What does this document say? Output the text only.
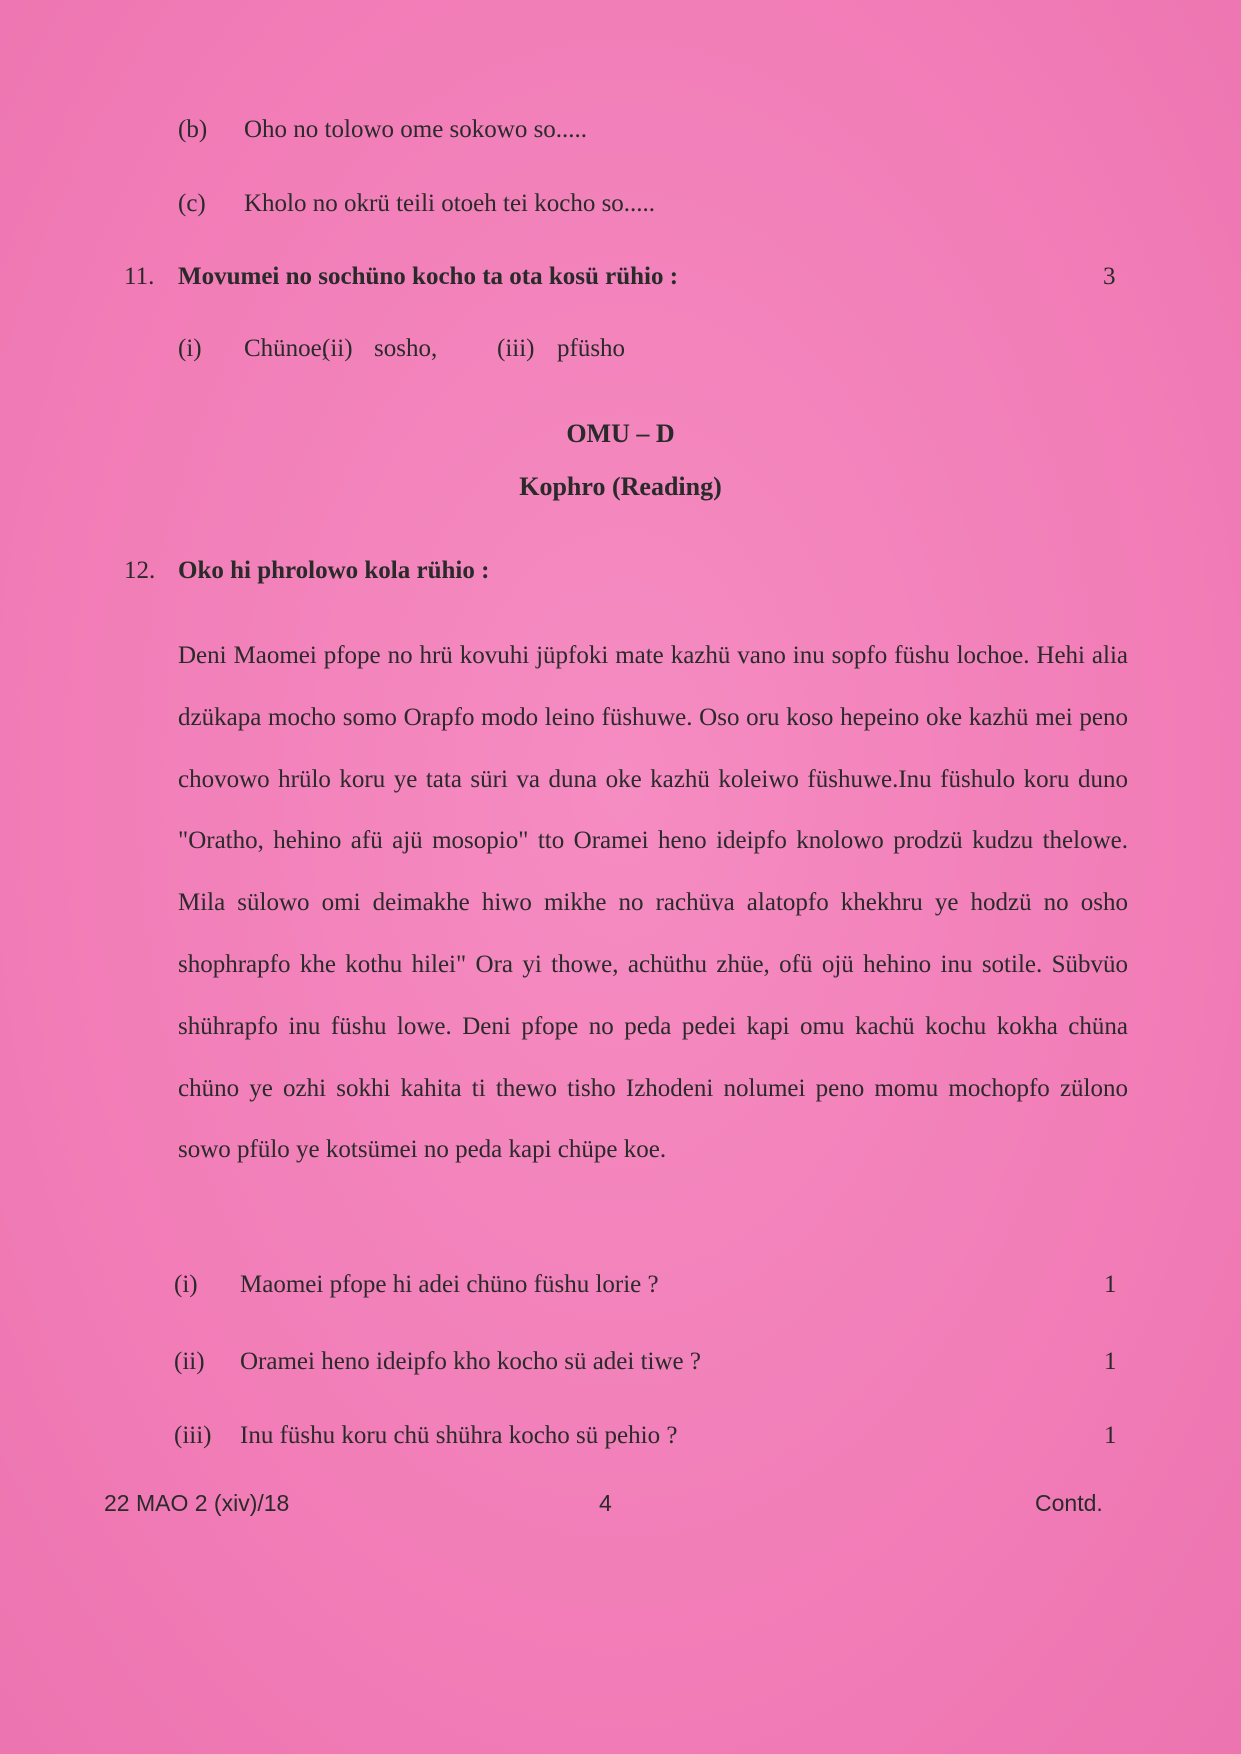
(b) Oho no tolowo ome sokowo so.....
(c) Kholo no okrü teili otoeh tei kocho so.....
11. Movumei no sochüno kocho ta ota kosü rühio :	3
(i) Chünoe,(ii) sosho, (iii) pfüsho
OMU – D
Kophro (Reading)
12. Oko hi phrolowo kola rühio :
Deni Maomei pfope no hrü kovuhi jüpfoki mate kazhü vano inu sopfo füshu lochoe. Hehi alia dzükapa mocho somo Orapfo modo leino füshuwe. Oso oru koso hepeino oke kazhü mei peno chovowo hrülo koru ye tata süri va duna oke kazhü koleiwo füshuwe.Inu füshulo koru duno "Oratho, hehino afü ajü mosopio" tto Oramei heno ideipfo knolowo prodzü kudzu thelowe. Mila sülowo omi deimakhe hiwo mikhe no rachüva alatopfo khekhru ye hodzü no osho shophrapfo khe kothu hilei" Ora yi thowe, achüthu zhüe, ofü ojü hehino inu sotile. Sübvüo shührapfo inu füshu lowe. Deni pfope no peda pedei kapi omu kachü kochu kokha chüna chüno ye ozhi sokhi kahita ti thewo tisho Izhodeni nolumei peno momu mochopfo zülono sowo pfülo ye kotsümei no peda kapi chüpe koe.
(i) Maomei pfope hi adei chüno füshu lorie ?	1
(ii) Oramei heno ideipfo kho kocho sü adei tiwe ?	1
(iii) Inu füshu koru chü shühra kocho sü pehio ?	1
22 MAO 2 (xiv)/18	4	Contd.
